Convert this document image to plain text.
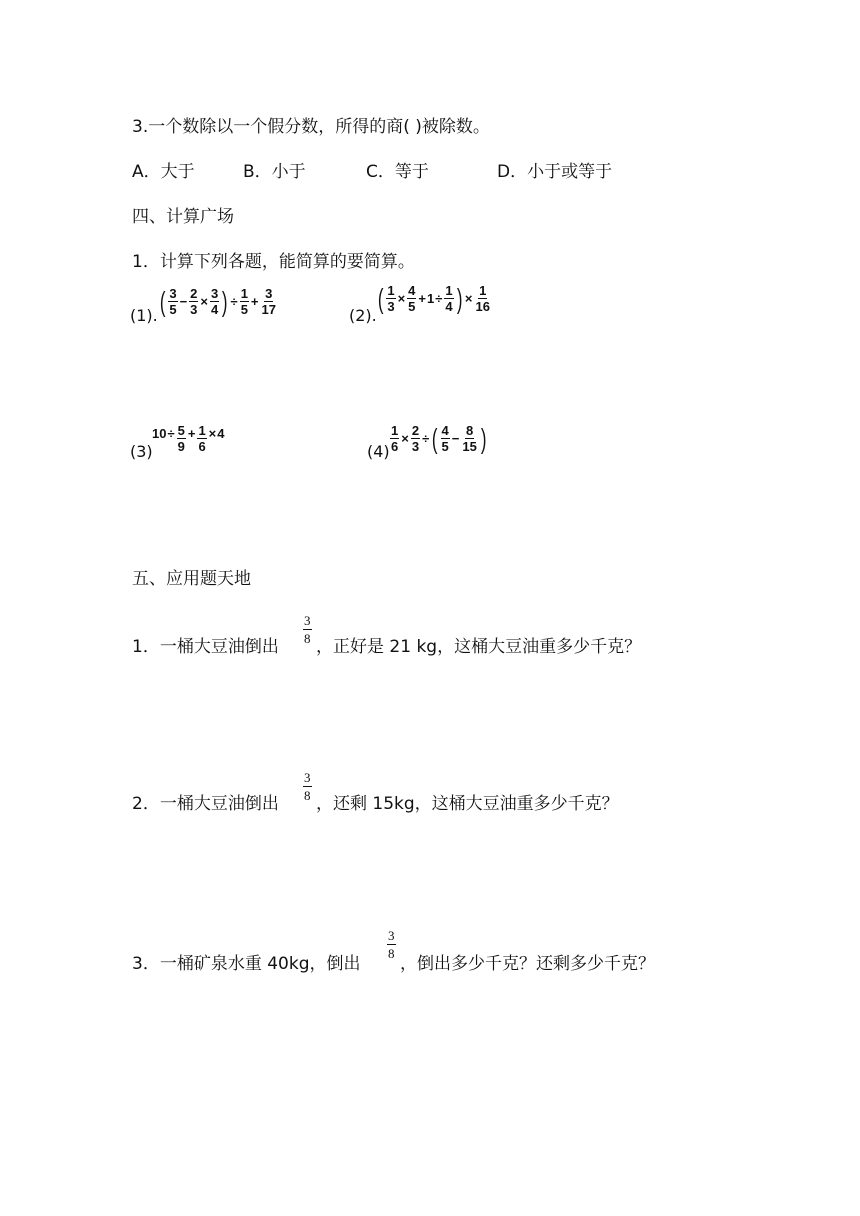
3.一个数除以一个假分数，所得的商( )被除数。
A．大于	B．小于	C．等于	D．小于或等于
四、计算广场
1．计算下列各题，能简算的要简算。
(1). ( $\frac{3}{5} - \frac{2}{3} \times \frac{3}{4}$ ) ÷ $\frac{1}{5} + \frac{3}{17}$	(2).
( $\frac{1}{3} \times \frac{4}{5} + 1 \div \frac{1}{4}$ ) × $\frac{1}{16}$
(3)
$10 \div \frac{5}{9} + \frac{1}{6} \times 4$
$(4) \frac{1}{6} \times \frac{2}{3}$ ÷ ( $\frac{4}{5} - \frac{8}{15}$ )
五、应用题天地
1．一桶大豆油倒出
3
8 ，正好是 21 kg，这桶大豆油重多少千克？
2．一桶大豆油倒出
3
8 ，还剩 15kg，这桶大豆油重多少千克？
3．一桶矿泉水重 40kg，倒出
3
8
，倒出多少千克？还剩多少千克？
